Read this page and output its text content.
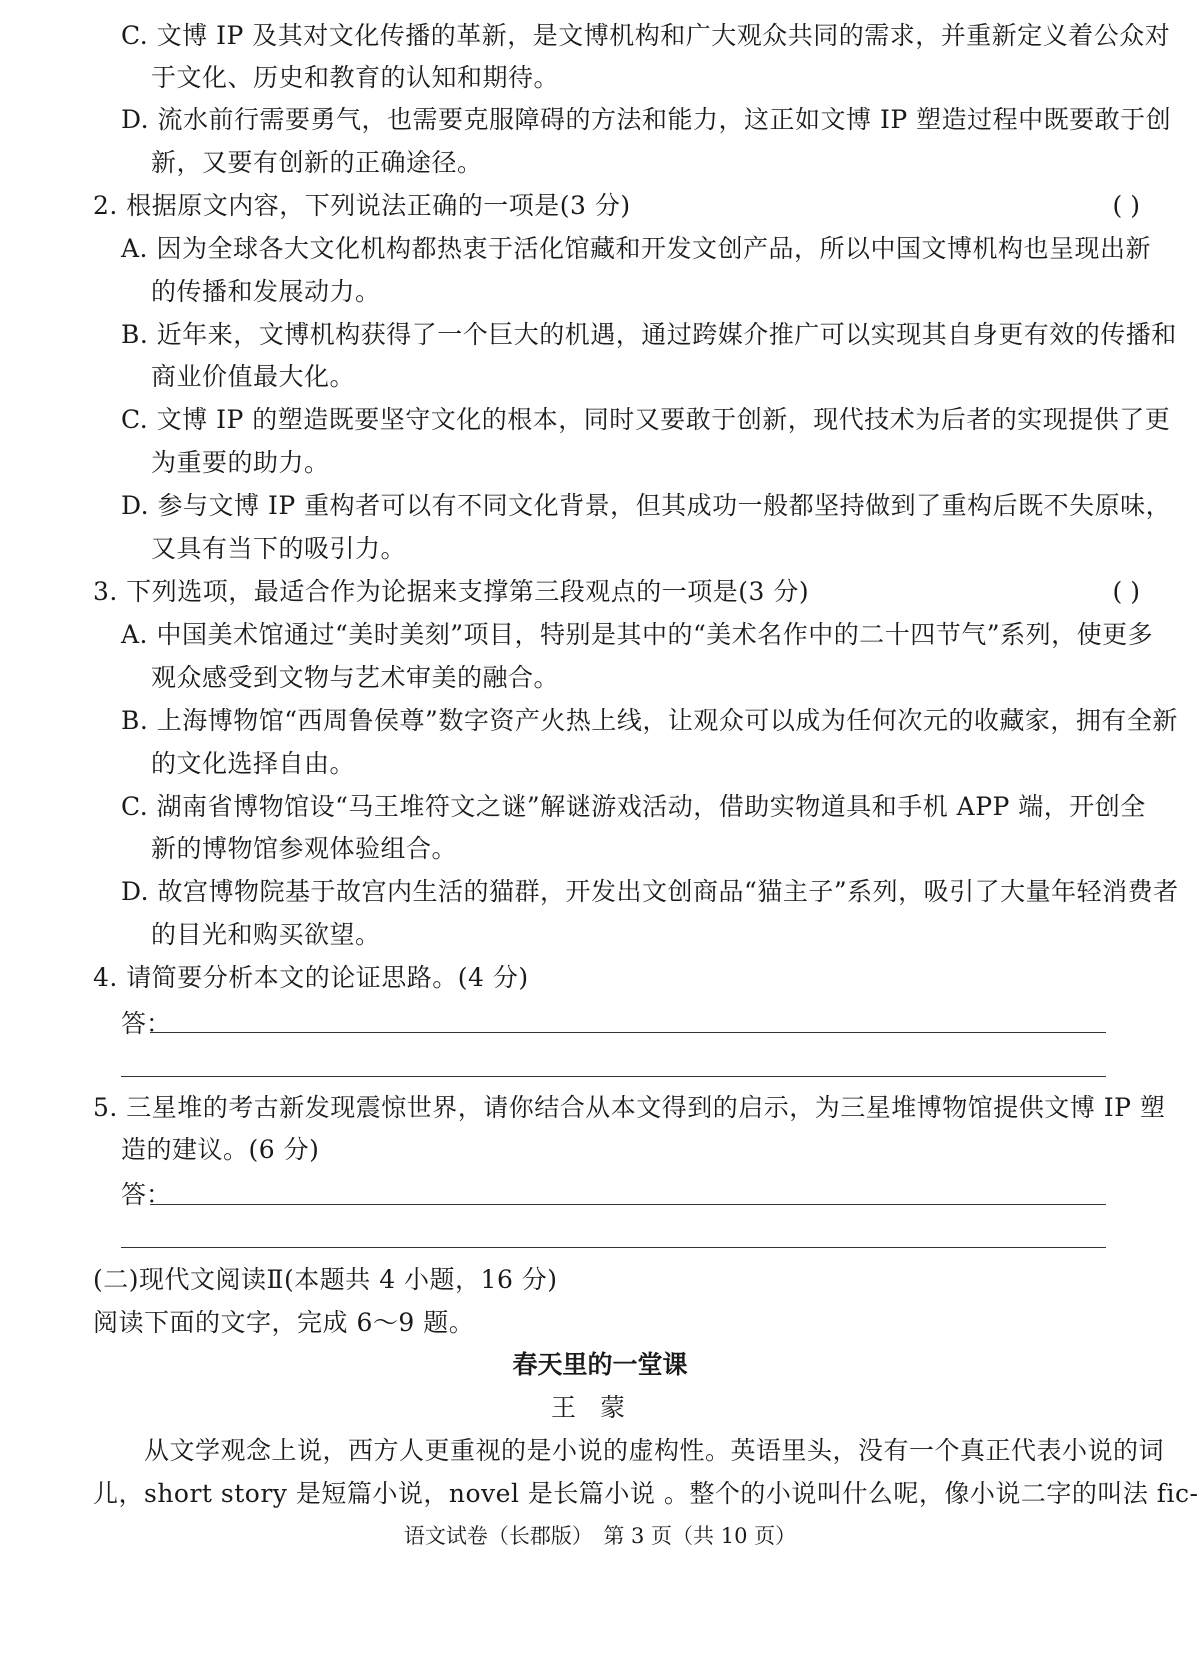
C. 文博 IP 及其对文化传播的革新，是文博机构和广大观众共同的需求，并重新定义着公众对
于文化、历史和教育的认知和期待。
D. 流水前行需要勇气，也需要克服障碍的方法和能力，这正如文博 IP 塑造过程中既要敢于创
新，又要有创新的正确途径。
2. 根据原文内容，下列说法正确的一项是(3 分)	( )
A. 因为全球各大文化机构都热衷于活化馆藏和开发文创产品，所以中国文博机构也呈现出新
的传播和发展动力。
B. 近年来，文博机构获得了一个巨大的机遇，通过跨媒介推广可以实现其自身更有效的传播和
商业价值最大化。
C. 文博 IP 的塑造既要坚守文化的根本，同时又要敢于创新，现代技术为后者的实现提供了更
为重要的助力。
D. 参与文博 IP 重构者可以有不同文化背景，但其成功一般都坚持做到了重构后既不失原味，
又具有当下的吸引力。
3. 下列选项，最适合作为论据来支撑第三段观点的一项是(3 分)	( )
A. 中国美术馆通过“美时美刻”项目，特别是其中的“美术名作中的二十四节气”系列，使更多
观众感受到文物与艺术审美的融合。
B. 上海博物馆“西周鲁侯尊”数字资产火热上线，让观众可以成为任何次元的收藏家，拥有全新
的文化选择自由。
C. 湖南省博物馆设“马王堆符文之谜”解谜游戏活动，借助实物道具和手机 APP 端，开创全
新的博物馆参观体验组合。
D. 故宫博物院基于故宫内生活的猫群，开发出文创商品“猫主子”系列，吸引了大量年轻消费者
的目光和购买欲望。
4. 请简要分析本文的论证思路。(4 分)
答：
5. 三星堆的考古新发现震惊世界，请你结合从本文得到的启示，为三星堆博物馆提供文博 IP 塑
造的建议。(6 分)
答：
(二)现代文阅读Ⅱ(本题共 4 小题，16 分)
阅读下面的文字，完成 6～9 题。
春天里的一堂课
王蒙
从文学观念上说，西方人更重视的是小说的虚构性。英语里头，没有一个真正代表小说的词
儿，short story 是短篇小说，novel 是长篇小说 。整个的小说叫什么呢，像小说二字的叫法 fic-
语文试卷（长郡版）　第 3 页（共 10 页）
